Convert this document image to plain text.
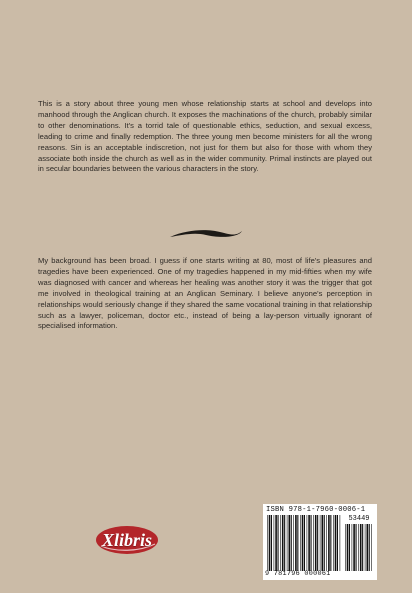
This is a story about three young men whose relationship starts at school and develops into manhood through the Anglican church. It exposes the machinations of the church, probably similar to other denominations. It's a torrid tale of questionable ethics, seduction, and sexual excess, leading to crime and finally redemption. The three young men become ministers for all the wrong reasons. Sin is an acceptable indiscretion, not just for them but also for those with whom they associate both inside the church as well as in the wider community. Primal instincts are played out in secular boundaries between the various characters in the story.

My background has been broad. I guess if one starts writing at 80, most of life's pleasures and tragedies have been experienced. One of my tragedies happened in my mid-fifties when my wife was diagnosed with cancer and whereas her healing was another story it was the trigger that got me involved in theological training at an Anglican Seminary. I believe anyone's perception in relationships would seriously change if they shared the same vocational training in that relationship such as a lawyer, policeman, doctor etc., instead of being a lay-person virtually ignorant of specialised information.

Xlibris
ISBN 978-1-7960-0006-1
53449
9 781796 000061
